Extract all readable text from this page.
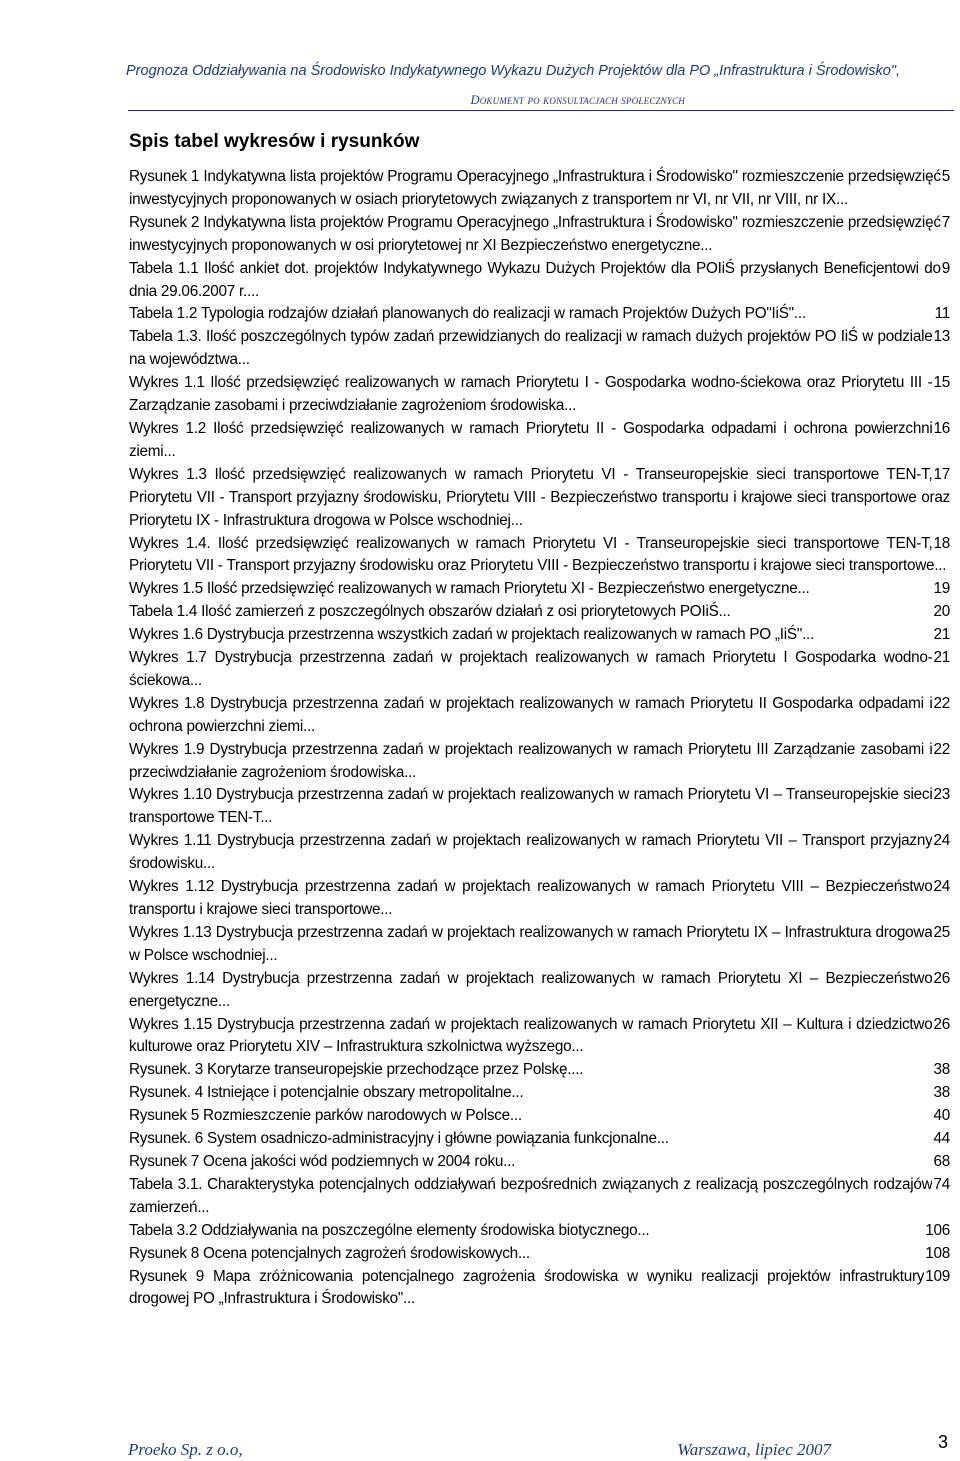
Prognoza Oddziaływania na Środowisko Indykatywnego Wykazu Dużych Projektów dla PO „Infrastruktura i Środowisko",
Dokument po konsultacjach społecznych
Spis tabel wykresów i rysunków
5
Rysunek 1 Indykatywna lista projektów Programu Operacyjnego „Infrastruktura i Środowisko" rozmieszczenie przedsięwzięć inwestycyjnych proponowanych w osiach priorytetowych związanych z transportem nr VI, nr VII, nr VIII, nr IX...
7
Rysunek 2 Indykatywna lista projektów Programu Operacyjnego „Infrastruktura i Środowisko" rozmieszczenie przedsięwzięć inwestycyjnych proponowanych w osi priorytetowej nr XI Bezpieczeństwo energetyczne...
9
Tabela 1.1 Ilość ankiet dot. projektów Indykatywnego Wykazu Dużych Projektów dla POIiŚ przysłanych Beneficjentowi do dnia 29.06.2007 r....
11
Tabela 1.2 Typologia rodzajów działań planowanych do realizacji w ramach Projektów Dużych PO"IiŚ"...
13
Tabela 1.3. Ilość poszczególnych typów zadań przewidzianych do realizacji w ramach dużych projektów PO IiŚ w podziale na województwa...
15
Wykres 1.1 Ilość przedsięwzięć realizowanych w ramach Priorytetu I - Gospodarka wodno-ściekowa oraz Priorytetu III - Zarządzanie zasobami i przeciwdziałanie zagrożeniom środowiska...
16
Wykres 1.2 Ilość przedsięwzięć realizowanych w ramach Priorytetu II - Gospodarka odpadami i ochrona powierzchni ziemi...
17
Wykres 1.3 Ilość przedsięwzięć realizowanych w ramach Priorytetu VI - Transeuropejskie sieci transportowe TEN-T, Priorytetu VII - Transport przyjazny środowisku, Priorytetu VIII - Bezpieczeństwo transportu i krajowe sieci transportowe oraz Priorytetu IX - Infrastruktura drogowa w Polsce wschodniej...
18
Wykres 1.4. Ilość przedsięwzięć realizowanych w ramach Priorytetu VI - Transeuropejskie sieci transportowe TEN-T, Priorytetu VII - Transport przyjazny środowisku oraz Priorytetu VIII - Bezpieczeństwo transportu i krajowe sieci transportowe...
19
Wykres 1.5 Ilość przedsięwzięć realizowanych w ramach Priorytetu XI - Bezpieczeństwo energetyczne...
20
Tabela 1.4 Ilość zamierzeń z poszczególnych obszarów działań z osi priorytetowych POIiŚ...
21
Wykres 1.6 Dystrybucja przestrzenna wszystkich zadań w projektach realizowanych w ramach PO „IiŚ"...
21
Wykres 1.7 Dystrybucja przestrzenna zadań w projektach realizowanych w ramach Priorytetu I Gospodarka wodno-ściekowa...
22
Wykres 1.8 Dystrybucja przestrzenna zadań w projektach realizowanych w ramach Priorytetu II Gospodarka odpadami i ochrona powierzchni ziemi...
22
Wykres 1.9 Dystrybucja przestrzenna zadań w projektach realizowanych w ramach Priorytetu III Zarządzanie zasobami i przeciwdziałanie zagrożeniom środowiska...
23
Wykres 1.10 Dystrybucja przestrzenna zadań w projektach realizowanych w ramach Priorytetu VI – Transeuropejskie sieci transportowe TEN-T...
24
Wykres 1.11 Dystrybucja przestrzenna zadań w projektach realizowanych w ramach Priorytetu VII – Transport przyjazny środowisku...
24
Wykres 1.12 Dystrybucja przestrzenna zadań w projektach realizowanych w ramach Priorytetu VIII – Bezpieczeństwo transportu i krajowe sieci transportowe...
25
Wykres 1.13 Dystrybucja przestrzenna zadań w projektach realizowanych w ramach Priorytetu IX – Infrastruktura drogowa w Polsce wschodniej...
26
Wykres 1.14 Dystrybucja przestrzenna zadań w projektach realizowanych w ramach Priorytetu XI – Bezpieczeństwo energetyczne...
26
Wykres 1.15 Dystrybucja przestrzenna zadań w projektach realizowanych w ramach Priorytetu XII – Kultura i dziedzictwo kulturowe oraz Priorytetu XIV – Infrastruktura szkolnictwa wyższego...
38
Rysunek. 3 Korytarze transeuropejskie przechodzące przez Polskę....
38
Rysunek. 4 Istniejące i potencjalnie obszary metropolitalne...
40
Rysunek 5 Rozmieszczenie parków narodowych w Polsce...
44
Rysunek. 6 System osadniczo-administracyjny i główne powiązania funkcjonalne...
68
Rysunek 7 Ocena jakości wód podziemnych w 2004 roku...
74
Tabela 3.1. Charakterystyka potencjalnych oddziaływań bezpośrednich związanych z realizacją poszczególnych rodzajów zamierzeń...
106
Tabela 3.2 Oddziaływania na poszczególne elementy środowiska biotycznego...
108
Rysunek 8 Ocena potencjalnych zagrożeń środowiskowych...
109
Rysunek 9 Mapa zróżnicowania potencjalnego zagrożenia środowiska w wyniku realizacji projektów infrastruktury drogowej PO „Infrastruktura i Środowisko"...
Proeko Sp. z o.o,	Warszawa, lipiec 2007	3
